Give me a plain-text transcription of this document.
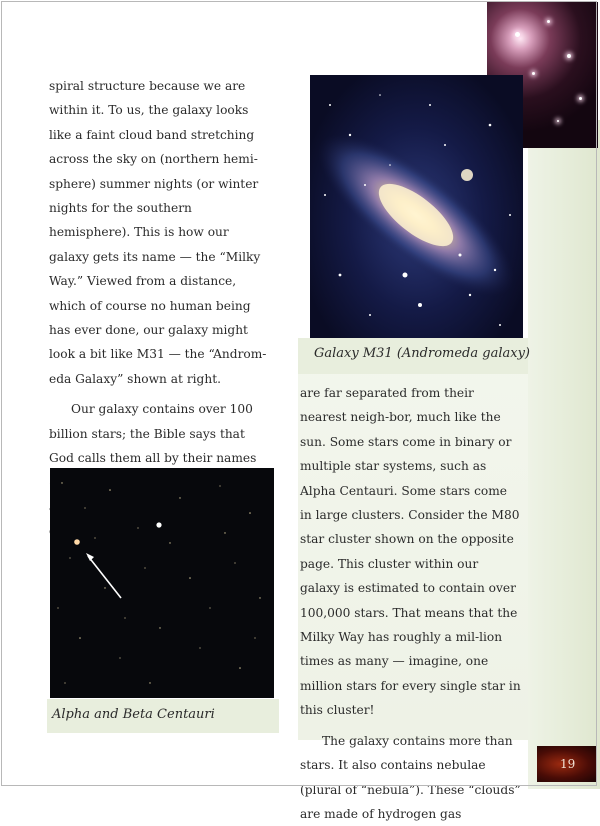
spiral structure because we are within it. To us, the galaxy looks like a faint cloud band stretching across the sky on (northern hemi-sphere) summer nights (or winter nights for the southern hemisphere). This is how our galaxy gets its name — the “Milky Way.” Viewed from a distance, which of course no human being has ever done, our galaxy might look a bit like M31 — the “Androm-eda Galaxy” shown at right.

Our galaxy contains over 100 billion stars; the Bible says that God calls them all by their names

Galaxy M31 (Andromeda galaxy)
Alpha and Beta Centauri

are far separated from their nearest neigh-bor, much like the sun. Some stars come in binary or multiple star systems, such as Alpha Centauri. Some stars come in large clusters. Consider the M80 star cluster shown on the opposite page. This cluster within our galaxy is estimated to contain over 100,000 stars. That means that the Milky Way has roughly a mil-lion times as many — imagine, one million stars for every single star in this cluster!

The galaxy contains more than stars. It also contains nebulae (plural of “nebula”). These “clouds” are made of hydrogen gas

19
